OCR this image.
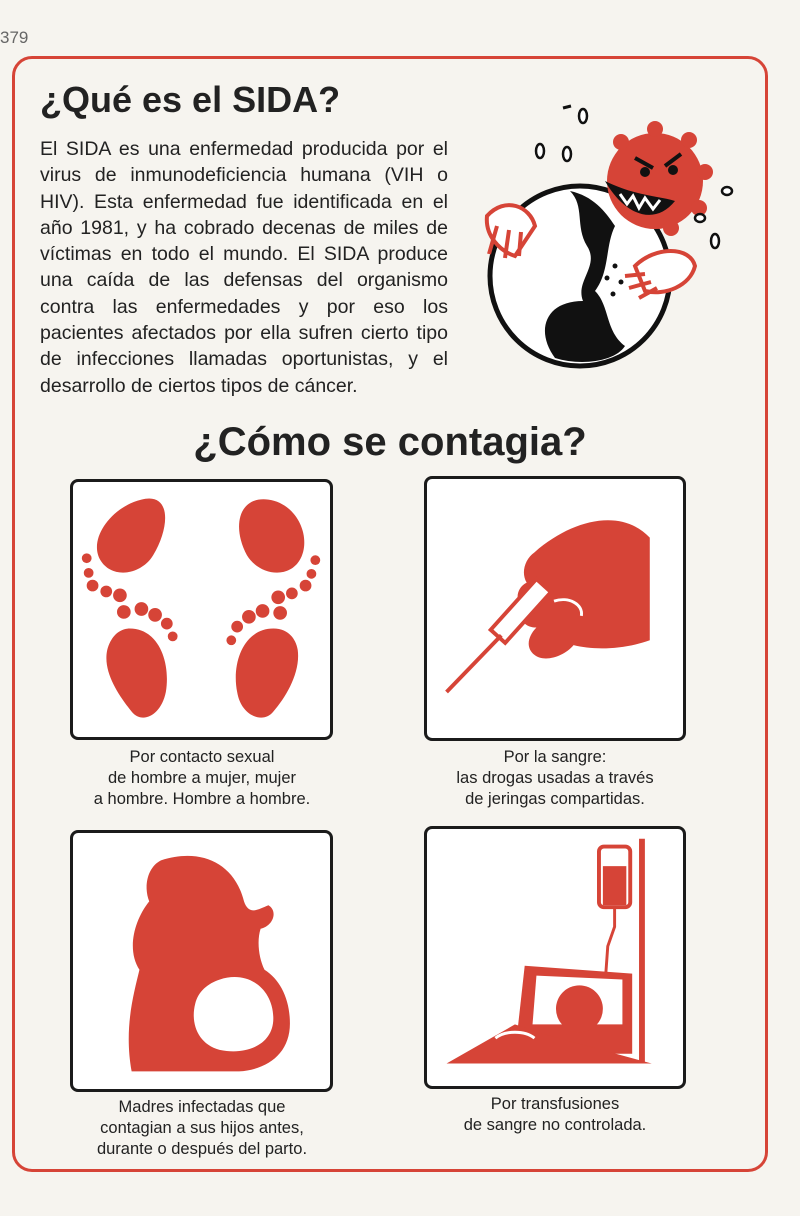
379
¿Qué es el SIDA?

El SIDA es una enfermedad producida por el virus de inmunodeficiencia humana (VIH o HIV). Esta enfermedad fue identificada en el año 1981, y ha cobrado decenas de miles de víctimas en todo el mundo. El SIDA produce una caída de las defensas del organismo contra las enfermedades y por eso los pacientes afectados por ella sufren cierto tipo de infecciones llamadas oportunistas, y el desarrollo de ciertos tipos de cáncer.

¿Cómo se contagia?

Por contacto sexual
de hombre a mujer, mujer
a hombre. Hombre a hombre.

Por la sangre:
las drogas usadas a través
de jeringas compartidas.

Madres infectadas que
contagian a sus hijos antes,
durante o después del parto.

Por transfusiones
de sangre no controlada.
